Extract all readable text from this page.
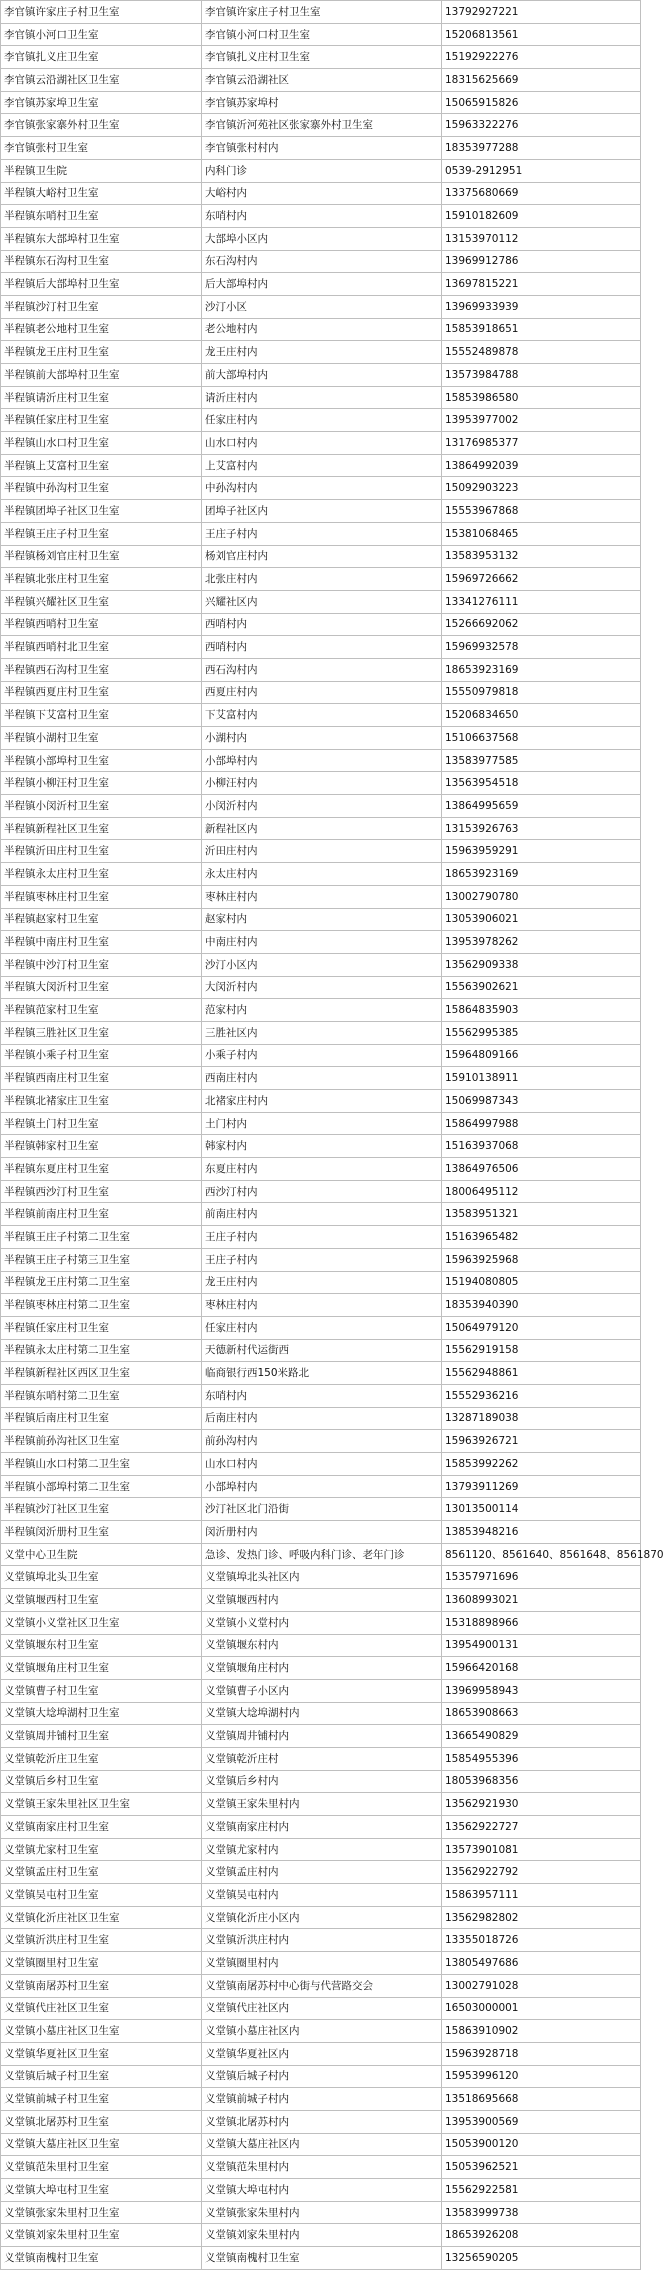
李官镇许家庄子村卫生室	李官镇许家庄子村卫生室	13792927221
李官镇小河口卫生室	李官镇小河口村卫生室	15206813561
李官镇扎义庄卫生室	李官镇扎义庄村卫生室	15192922276
李官镇云沿湖社区卫生室	李官镇云沿湖社区	18315625669
李官镇苏家埠卫生室	李官镇苏家埠村	15065915826
李官镇张家寨外村卫生室	李官镇沂河苑社区张家寨外村卫生室	15963322276
李官镇张村卫生室	李官镇张村村内	18353977288
半程镇卫生院	内科门诊	0539-2912951
半程镇大峪村卫生室	大峪村内	13375680669
半程镇东哨村卫生室	东哨村内	15910182609
半程镇东大部埠村卫生室	大部埠小区内	13153970112
半程镇东石沟村卫生室	东石沟村内	13969912786
半程镇后大部埠村卫生室	后大部埠村内	13697815221
半程镇沙汀村卫生室	沙汀小区	13969933939
半程镇老公地村卫生室	老公地村内	15853918651
半程镇龙王庄村卫生室	龙王庄村内	15552489878
半程镇前大部埠村卫生室	前大部埠村内	13573984788
半程镇请沂庄村卫生室	请沂庄村内	15853986580
半程镇任家庄村卫生室	任家庄村内	13953977002
半程镇山水口村卫生室	山水口村内	13176985377
半程镇上艾富村卫生室	上艾富村内	13864992039
半程镇中孙沟村卫生室	中孙沟村内	15092903223
半程镇团埠子社区卫生室	团埠子社区内	15553967868
半程镇王庄子村卫生室	王庄子村内	15381068465
半程镇杨刘官庄村卫生室	杨刘官庄村内	13583953132
半程镇北张庄村卫生室	北张庄村内	15969726662
半程镇兴耀社区卫生室	兴耀社区内	13341276111
半程镇西哨村卫生室	西哨村内	15266692062
半程镇西哨村北卫生室	西哨村内	15969932578
半程镇西石沟村卫生室	西石沟村内	18653923169
半程镇西夏庄村卫生室	西夏庄村内	15550979818
半程镇下艾富村卫生室	下艾富村内	15206834650
半程镇小湖村卫生室	小湖村内	15106637568
半程镇小部埠村卫生室	小部埠村内	13583977585
半程镇小柳汪村卫生室	小柳汪村内	13563954518
半程镇小闵沂村卫生室	小闵沂村内	13864995659
半程镇新程社区卫生室	新程社区内	13153926763
半程镇沂田庄村卫生室	沂田庄村内	15963959291
半程镇永太庄村卫生室	永太庄村内	18653923169
半程镇枣林庄村卫生室	枣林庄村内	13002790780
半程镇赵家村卫生室	赵家村内	13053906021
半程镇中南庄村卫生室	中南庄村内	13953978262
半程镇中沙汀村卫生室	沙汀小区内	13562909338
半程镇大闵沂村卫生室	大闵沂村内	15563902621
半程镇范家村卫生室	范家村内	15864835903
半程镇三胜社区卫生室	三胜社区内	15562995385
半程镇小乘子村卫生室	小乘子村内	15964809166
半程镇西南庄村卫生室	西南庄村内	15910138911
半程镇北褚家庄卫生室	北褚家庄村内	15069987343
半程镇土门村卫生室	土门村内	15864997988
半程镇韩家村卫生室	韩家村内	15163937068
半程镇东夏庄村卫生室	东夏庄村内	13864976506
半程镇西沙汀村卫生室	西沙汀村内	18006495112
半程镇前南庄村卫生室	前南庄村内	13583951321
半程镇王庄子村第二卫生室	王庄子村内	15163965482
半程镇王庄子村第三卫生室	王庄子村内	15963925968
半程镇龙王庄村第二卫生室	龙王庄村内	15194080805
半程镇枣林庄村第二卫生室	枣林庄村内	18353940390
半程镇任家庄村卫生室	任家庄村内	15064979120
半程镇永太庄村第二卫生室	天德新村代运街西	15562919158
半程镇新程社区西区卫生室	临商银行西150米路北	15562948861
半程镇东哨村第二卫生室	东哨村内	15552936216
半程镇后南庄村卫生室	后南庄村内	13287189038
半程镇前孙沟社区卫生室	前孙沟村内	15963926721
半程镇山水口村第二卫生室	山水口村内	15853992262
半程镇小部埠村第二卫生室	小部埠村内	13793911269
半程镇沙汀社区卫生室	沙汀社区北门沿街	13013500114
半程镇闵沂册村卫生室	闵沂册村内	13853948216
义堂中心卫生院	急诊、发热门诊、呼吸内科门诊、老年门诊	8561120、8561640、8561648、8561870
义堂镇埠北头卫生室	义堂镇埠北头社区内	15357971696
义堂镇堰西村卫生室	义堂镇堰西村内	13608993021
义堂镇小义堂社区卫生室	义堂镇小义堂村内	15318898966
义堂镇堰东村卫生室	义堂镇堰东村内	13954900131
义堂镇堰角庄村卫生室	义堂镇堰角庄村内	15966420168
义堂镇曹子村卫生室	义堂镇曹子小区内	13969958943
义堂镇大埝埠湖村卫生室	义堂镇大埝埠湖村内	18653908663
义堂镇周井铺村卫生室	义堂镇周井铺村内	13665490829
义堂镇乾沂庄卫生室	义堂镇乾沂庄村	15854955396
义堂镇后乡村卫生室	义堂镇后乡村内	18053968356
义堂镇王家朱里社区卫生室	义堂镇王家朱里村内	13562921930
义堂镇南家庄村卫生室	义堂镇南家庄村内	13562922727
义堂镇尤家村卫生室	义堂镇尤家村内	13573901081
义堂镇孟庄村卫生室	义堂镇孟庄村内	13562922792
义堂镇吴屯村卫生室	义堂镇吴屯村内	15863957111
义堂镇化沂庄社区卫生室	义堂镇化沂庄小区内	13562982802
义堂镇沂洪庄村卫生室	义堂镇沂洪庄村内	13355018726
义堂镇圈里村卫生室	义堂镇圈里村内	13805497686
义堂镇南屠苏村卫生室	义堂镇南屠苏村中心街与代营路交会	13002791028
义堂镇代庄社区卫生室	义堂镇代庄社区内	16503000001
义堂镇小墓庄社区卫生室	义堂镇小墓庄社区内	15863910902
义堂镇华夏社区卫生室	义堂镇华夏社区内	15963928718
义堂镇后城子村卫生室	义堂镇后城子村内	15953996120
义堂镇前城子村卫生室	义堂镇前城子村内	13518695668
义堂镇北屠苏村卫生室	义堂镇北屠苏村内	13953900569
义堂镇大墓庄社区卫生室	义堂镇大墓庄社区内	15053900120
义堂镇范朱里村卫生室	义堂镇范朱里村内	15053962521
义堂镇大埠屯村卫生室	义堂镇大埠屯村内	15562922581
义堂镇张家朱里村卫生室	义堂镇张家朱里村内	13583999738
义堂镇刘家朱里村卫生室	义堂镇刘家朱里村内	18653926208
义堂镇南槐村卫生室	义堂镇南槐村卫生室	13256590205
